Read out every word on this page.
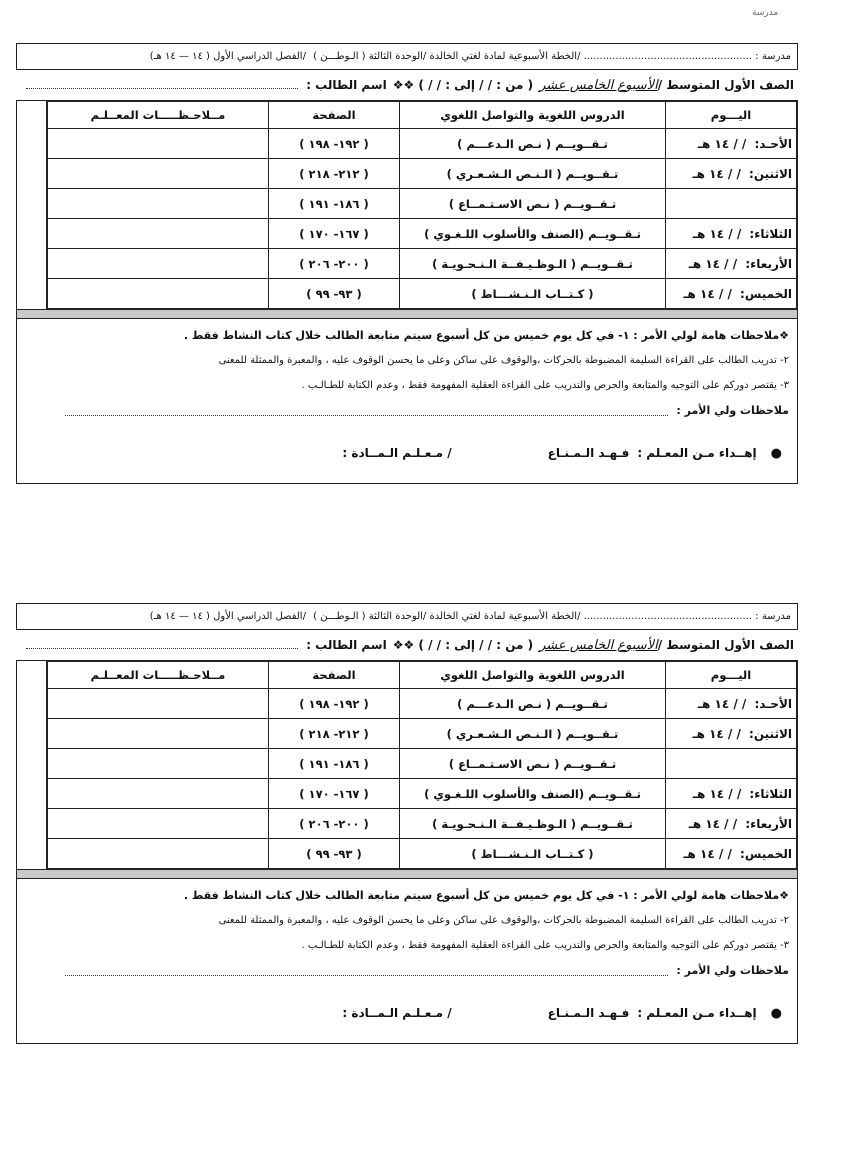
مدرسة
مدرسة : ..................................................... /الخطة الأسبوعية لمادة لغتي الخالدة /الوحدة الثالثة ( الـوطـــن ) /الفصل الدراسي الأول ( ١٤ — ١٤ هـ)
الصف الأول المتوسط /
الأسبوع الخامس عشر
( من : / / إلى : / / ) ❖❖
اسم الطالب :
اليـــوم	الدروس اللغوية والتواصل اللغوي	الصفحة	مــلاحـظـــــات المعــلـم
الأحـد: / / ١٤ هـ	تـقــويــم ( نـص الـدعـــم )	( ١٩٢- ١٩٨ )	
الاثنين: / / ١٤ هـ	تـقــويــم ( الـنـص الـشـعـري )	( ٢١٢- ٢١٨ )	
	تـقــويــم ( نـص الاسـتـمــاع )	( ١٨٦- ١٩١ )	
الثلاثاء: / / ١٤ هـ	تـقــويــم (الصنف والأسلوب اللـغـوي )	( ١٦٧- ١٧٠ )	
الأربعاء: / / ١٤ هـ	تـقــويــم ( الـوظـيـفــة الـنـحـويـة )	( ٢٠٠- ٢٠٦ )	
الخميس: / / ١٤ هـ	( كـتــاب الـنـشـــاط )	( ٩٣- ٩٩ )	
❖ملاحظات هامة لولي الأمر : ١- في كل يوم خميس من كل أسبوع سيتم متابعة الطالب خلال كتاب النشاط فقط .
٢- تدريب الطالب على القراءة السليمة المضبوطة بالحركات ،والوقوف على ساكن وعلى ما يحسن الوقوف عليه ، والمعبرة والممثلة للمعنى
٣- يقتصر دوركم على التوجيه والمتابعة والحرص والتدريب على القراءة العقلية المفهومة فقط ، وعدم الكتابة للطـالـب .
ملاحظات ولي الأمر :
●
إهــداء مـن المعـلم :
فـهـد الـمـنـاع
/ مـعـلـم الـمــادة :
مدرسة : ..................................................... /الخطة الأسبوعية لمادة لغتي الخالدة /الوحدة الثالثة ( الـوطـــن ) /الفصل الدراسي الأول ( ١٤ — ١٤ هـ)
الصف الأول المتوسط /
الأسبوع الخامس عشر
( من : / / إلى : / / ) ❖❖
اسم الطالب :
اليـــوم	الدروس اللغوية والتواصل اللغوي	الصفحة	مــلاحـظـــــات المعــلـم
الأحـد: / / ١٤ هـ	تـقــويــم ( نـص الـدعـــم )	( ١٩٢- ١٩٨ )	
الاثنين: / / ١٤ هـ	تـقــويــم ( الـنـص الـشـعـري )	( ٢١٢- ٢١٨ )	
	تـقــويــم ( نـص الاسـتـمــاع )	( ١٨٦- ١٩١ )	
الثلاثاء: / / ١٤ هـ	تـقــويــم (الصنف والأسلوب اللـغـوي )	( ١٦٧- ١٧٠ )	
الأربعاء: / / ١٤ هـ	تـقــويــم ( الـوظـيـفــة الـنـحـويـة )	( ٢٠٠- ٢٠٦ )	
الخميس: / / ١٤ هـ	( كـتــاب الـنـشـــاط )	( ٩٣- ٩٩ )	
❖ملاحظات هامة لولي الأمر : ١- في كل يوم خميس من كل أسبوع سيتم متابعة الطالب خلال كتاب النشاط فقط .
٢- تدريب الطالب على القراءة السليمة المضبوطة بالحركات ،والوقوف على ساكن وعلى ما يحسن الوقوف عليه ، والمعبرة والممثلة للمعنى
٣- يقتصر دوركم على التوجيه والمتابعة والحرص والتدريب على القراءة العقلية المفهومة فقط ، وعدم الكتابة للطـالـب .
ملاحظات ولي الأمر :
●
إهــداء مـن المعـلم :
فـهـد الـمـنـاع
/ مـعـلـم الـمــادة :
